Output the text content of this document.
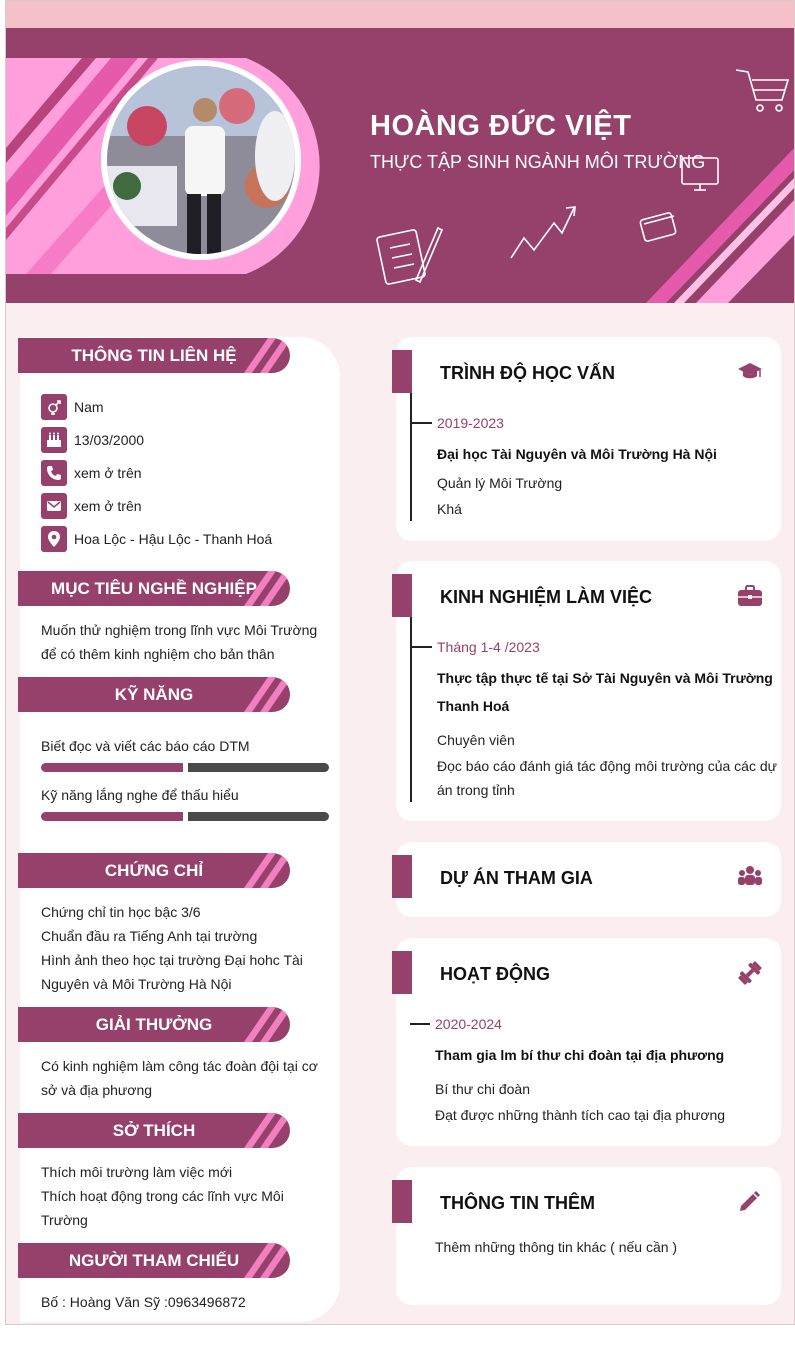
HOÀNG ĐỨC VIỆT
THỰC TẬP SINH NGÀNH MÔI TRƯỜNG
THÔNG TIN LIÊN HỆ
Nam
13/03/2000
xem ở trên
xem ở trên
Hoa Lộc - Hậu Lộc - Thanh Hoá
MỤC TIÊU NGHỀ NGHIỆP
Muốn thử nghiệm trong lĩnh vực Môi Trường
để có thêm kinh nghiệm cho bản thân
KỸ NĂNG
Biết đọc và viết các báo cáo DTM
Kỹ năng lắng nghe để thấu hiểu
CHỨNG CHỈ
Chứng chỉ tin học bậc 3/6
Chuẩn đầu ra Tiếng Anh tại trường
Hình ảnh theo học tại trường Đại hohc Tài
Nguyên và Môi Trường Hà Nội
GIẢI THƯỞNG
Có kinh nghiệm làm công tác đoàn đội tại cơ
sở và địa phương
SỞ THÍCH
Thích môi trường làm việc mới
Thích hoạt động trong các lĩnh vực Môi
Trường
NGƯỜI THAM CHIẾU
Bố : Hoàng Văn Sỹ :0963496872
TRÌNH ĐỘ HỌC VẤN
2019-2023
Đại học Tài Nguyên và Môi Trường Hà Nội
Quản lý Môi Trường
Khá
KINH NGHIỆM LÀM VIỆC
Tháng 1-4 /2023
Thực tập thực tế tại Sở Tài Nguyên và Môi Trường
Thanh Hoá
Chuyên viên
Đọc báo cáo đánh giá tác động môi trường của các dự
án trong tỉnh
DỰ ÁN THAM GIA
HOẠT ĐỘNG
2020-2024
Tham gia lm bí thư chi đoàn tại địa phương
Bí thư chi đoàn
Đạt được những thành tích cao tại địa phương
THÔNG TIN THÊM
Thêm những thông tin khác ( nếu cần )
